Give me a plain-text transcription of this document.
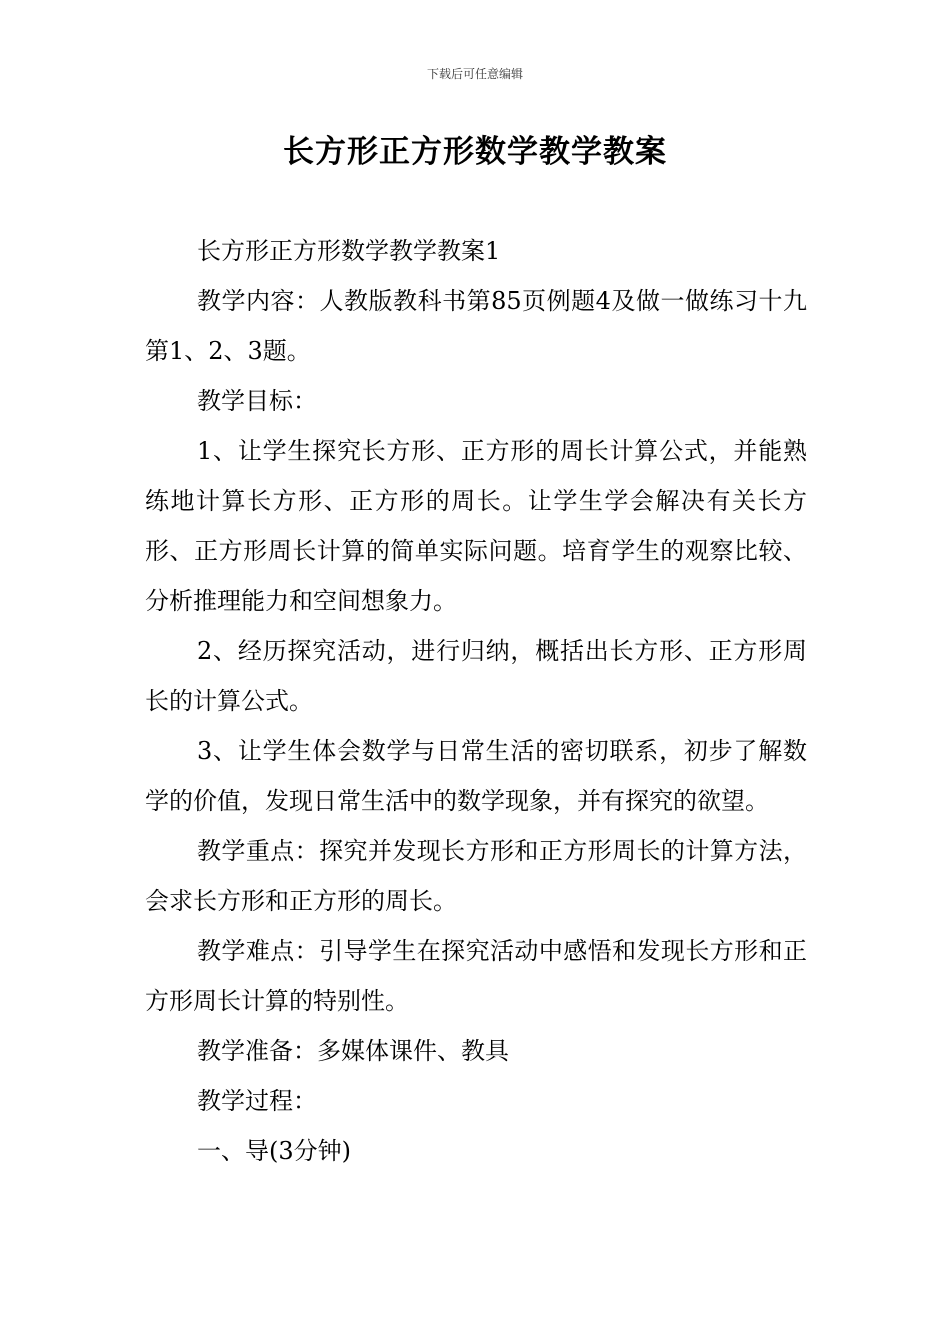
下载后可任意编辑
长方形正方形数学教学教案

长方形正方形数学教学教案1

教学内容：人教版教科书第85页例题4及做一做练习十九第1、2、3题。

教学目标：

1、让学生探究长方形、正方形的周长计算公式，并能熟练地计算长方形、正方形的周长。让学生学会解决有关长方形、正方形周长计算的简单实际问题。培育学生的观察比较、分析推理能力和空间想象力。

2、经历探究活动，进行归纳，概括出长方形、正方形周长的计算公式。

3、让学生体会数学与日常生活的密切联系，初步了解数学的价值，发现日常生活中的数学现象，并有探究的欲望。

教学重点：探究并发现长方形和正方形周长的计算方法，会求长方形和正方形的周长。

教学难点：引导学生在探究活动中感悟和发现长方形和正方形周长计算的特别性。

教学准备：多媒体课件、教具

教学过程：

一、导(3分钟)
